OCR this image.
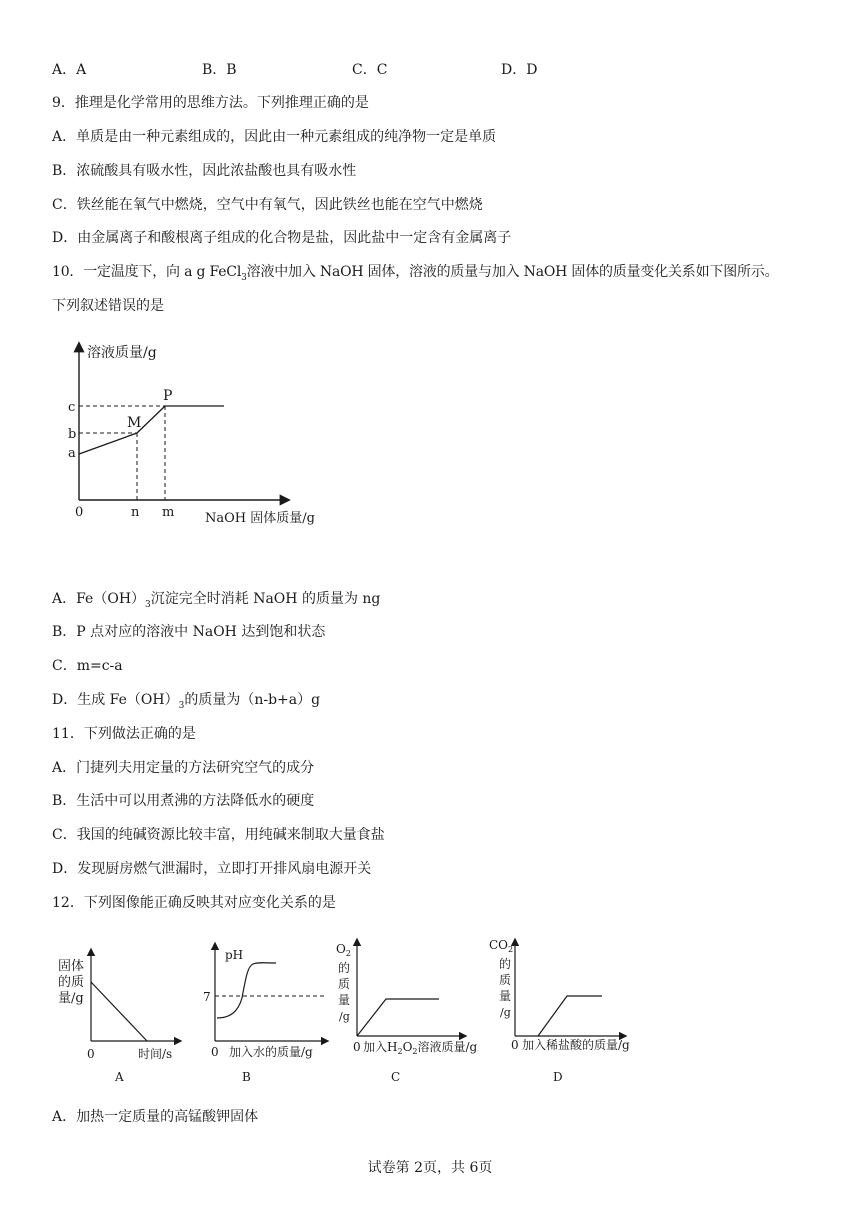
A．A	B．B	C．C	D．D
9．推理是化学常用的思维方法。下列推理正确的是
A．单质是由一种元素组成的，因此由一种元素组成的纯净物一定是单质
B．浓硫酸具有吸水性，因此浓盐酸也具有吸水性
C．铁丝能在氧气中燃烧，空气中有氧气，因此铁丝也能在空气中燃烧
D．由金属离子和酸根离子组成的化合物是盐，因此盐中一定含有金属离子
10．一定温度下，向 a g FeCl$_3$溶液中加入 NaOH 固体，溶液的质量与加入 NaOH 固体的质量变化关系如下图所示。
下列叙述错误的是
溶液质量/g
NaOH 固体质量/g
0
c
b
a
n m
M
P
A．$Fe(OH)_3$沉淀完全时消耗 NaOH 的质量为 ng
B．P 点对应的溶液中 NaOH 达到饱和状态
C．m=c-a
D．生成 $Fe(OH)_3$的质量为（n-b+a）g
11．下列做法正确的是
A．门捷列夫用定量的方法研究空气的成分
B．生活中可以用煮沸的方法降低水的硬度
C．我国的纯碱资源比较丰富，用纯碱来制取大量食盐
D．发现厨房燃气泄漏时，立即打开排风扇电源开关
12．下列图像能正确反映其对应变化关系的是
固体
的质
量/g
0	时间/s
A
pH
7
0 加入水的质量/g
B
$O_2$
的
质
量
/g
0 加入$H_2O_2$溶液质量/g
C
$CO_2$
的
质
量
/g
0 加入稀盐酸的质量/g
D
A．加热一定质量的高锰酸钾固体
试卷第 2页，共 6页
